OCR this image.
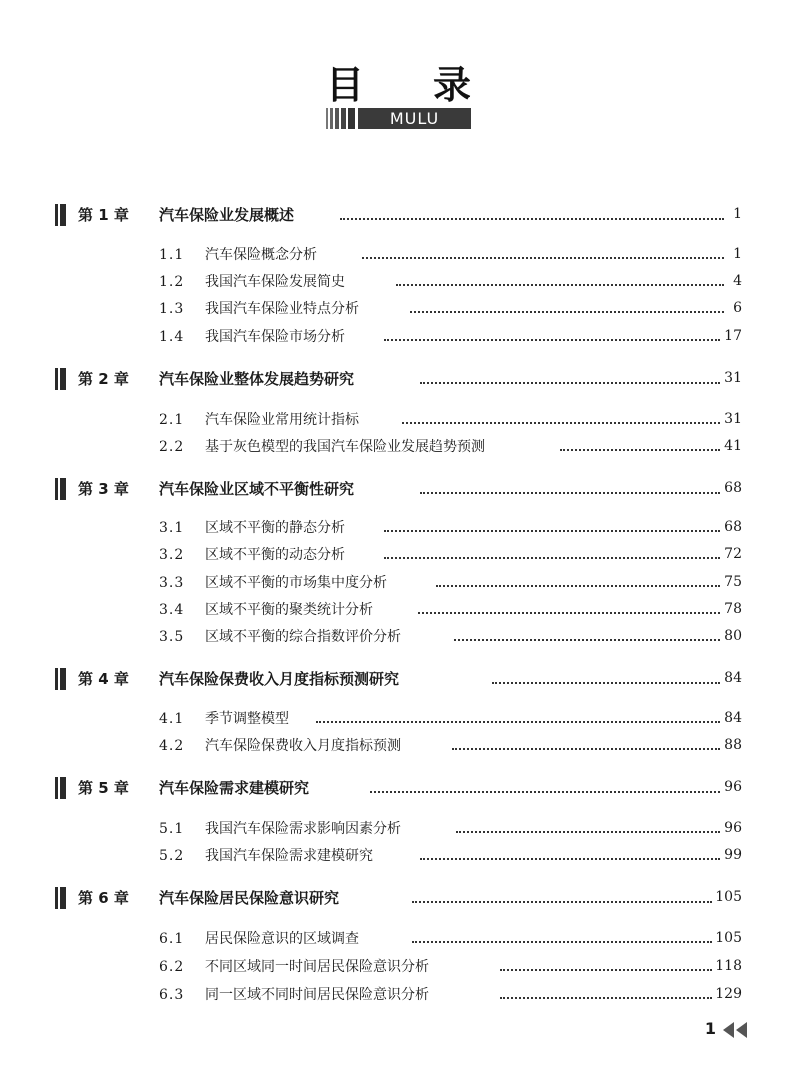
目 录
MULU
第 1 章 汽车保险业发展概述	1
1.1 汽车保险概念分析	1
1.2 我国汽车保险发展简史	4
1.3 我国汽车保险业特点分析	6
1.4 我国汽车保险市场分析	17
第 2 章 汽车保险业整体发展趋势研究	31
2.1 汽车保险业常用统计指标	31
2.2 基于灰色模型的我国汽车保险业发展趋势预测	41
第 3 章 汽车保险业区域不平衡性研究	68
3.1 区域不平衡的静态分析	68
3.2 区域不平衡的动态分析	72
3.3 区域不平衡的市场集中度分析	75
3.4 区域不平衡的聚类统计分析	78
3.5 区域不平衡的综合指数评价分析	80
第 4 章 汽车保险保费收入月度指标预测研究	84
4.1 季节调整模型	84
4.2 汽车保险保费收入月度指标预测	88
第 5 章 汽车保险需求建模研究	96
5.1 我国汽车保险需求影响因素分析	96
5.2 我国汽车保险需求建模研究	99
第 6 章 汽车保险居民保险意识研究	105
6.1 居民保险意识的区域调查	105
6.2 不同区域同一时间居民保险意识分析	118
6.3 同一区域不同时间居民保险意识分析	129
1
